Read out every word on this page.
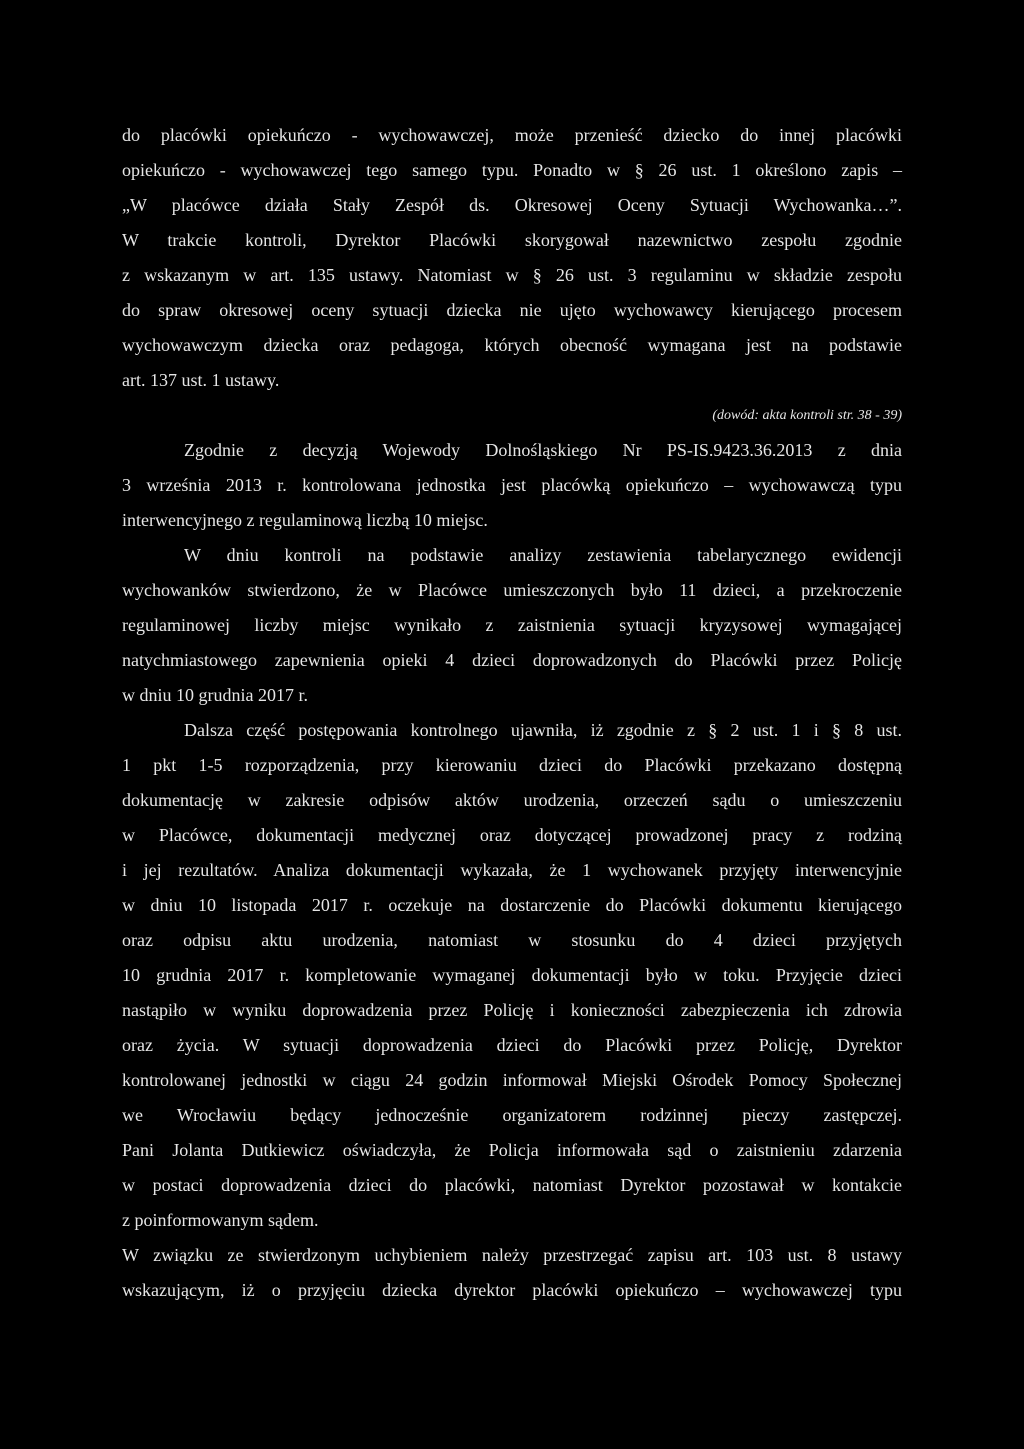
do placówki opiekuńczo - wychowawczej, może przenieść dziecko do innej placówki
opiekuńczo - wychowawczej tego samego typu. Ponadto w § 26 ust. 1 określono zapis –
„W placówce działa Stały Zespół ds. Okresowej Oceny Sytuacji Wychowanka…”.
W trakcie kontroli, Dyrektor Placówki skorygował nazewnictwo zespołu zgodnie
z wskazanym w art. 135 ustawy. Natomiast w § 26 ust. 3 regulaminu w składzie zespołu
do spraw okresowej oceny sytuacji dziecka nie ujęto wychowawcy kierującego procesem
wychowawczym dziecka oraz pedagoga, których obecność wymagana jest na podstawie
art. 137 ust. 1 ustawy.
(dowód: akta kontroli str. 38 - 39)
Zgodnie z decyzją Wojewody Dolnośląskiego Nr PS-IS.9423.36.2013 z dnia
3 września 2013 r. kontrolowana jednostka jest placówką opiekuńczo – wychowawczą typu
interwencyjnego z regulaminową liczbą 10 miejsc.
W dniu kontroli na podstawie analizy zestawienia tabelarycznego ewidencji
wychowanków stwierdzono, że w Placówce umieszczonych było 11 dzieci, a przekroczenie
regulaminowej liczby miejsc wynikało z zaistnienia sytuacji kryzysowej wymagającej
natychmiastowego zapewnienia opieki 4 dzieci doprowadzonych do Placówki przez Policję
w dniu 10 grudnia 2017 r.
Dalsza część postępowania kontrolnego ujawniła, iż zgodnie z § 2 ust. 1 i § 8 ust.
1 pkt 1-5 rozporządzenia, przy kierowaniu dzieci do Placówki przekazano dostępną
dokumentację w zakresie odpisów aktów urodzenia, orzeczeń sądu o umieszczeniu
w Placówce, dokumentacji medycznej oraz dotyczącej prowadzonej pracy z rodziną
i jej rezultatów. Analiza dokumentacji wykazała, że 1 wychowanek przyjęty interwencyjnie
w dniu 10 listopada 2017 r. oczekuje na dostarczenie do Placówki dokumentu kierującego
oraz odpisu aktu urodzenia, natomiast w stosunku do 4 dzieci przyjętych
10 grudnia 2017 r. kompletowanie wymaganej dokumentacji było w toku. Przyjęcie dzieci
nastąpiło w wyniku doprowadzenia przez Policję i konieczności zabezpieczenia ich zdrowia
oraz życia. W sytuacji doprowadzenia dzieci do Placówki przez Policję, Dyrektor
kontrolowanej jednostki w ciągu 24 godzin informował Miejski Ośrodek Pomocy Społecznej
we Wrocławiu będący jednocześnie organizatorem rodzinnej pieczy zastępczej.
Pani Jolanta Dutkiewicz oświadczyła, że Policja informowała sąd o zaistnieniu zdarzenia
w postaci doprowadzenia dzieci do placówki, natomiast Dyrektor pozostawał w kontakcie
z poinformowanym sądem.
W związku ze stwierdzonym uchybieniem należy przestrzegać zapisu art. 103 ust. 8 ustawy
wskazującym, iż o przyjęciu dziecka dyrektor placówki opiekuńczo – wychowawczej typu
